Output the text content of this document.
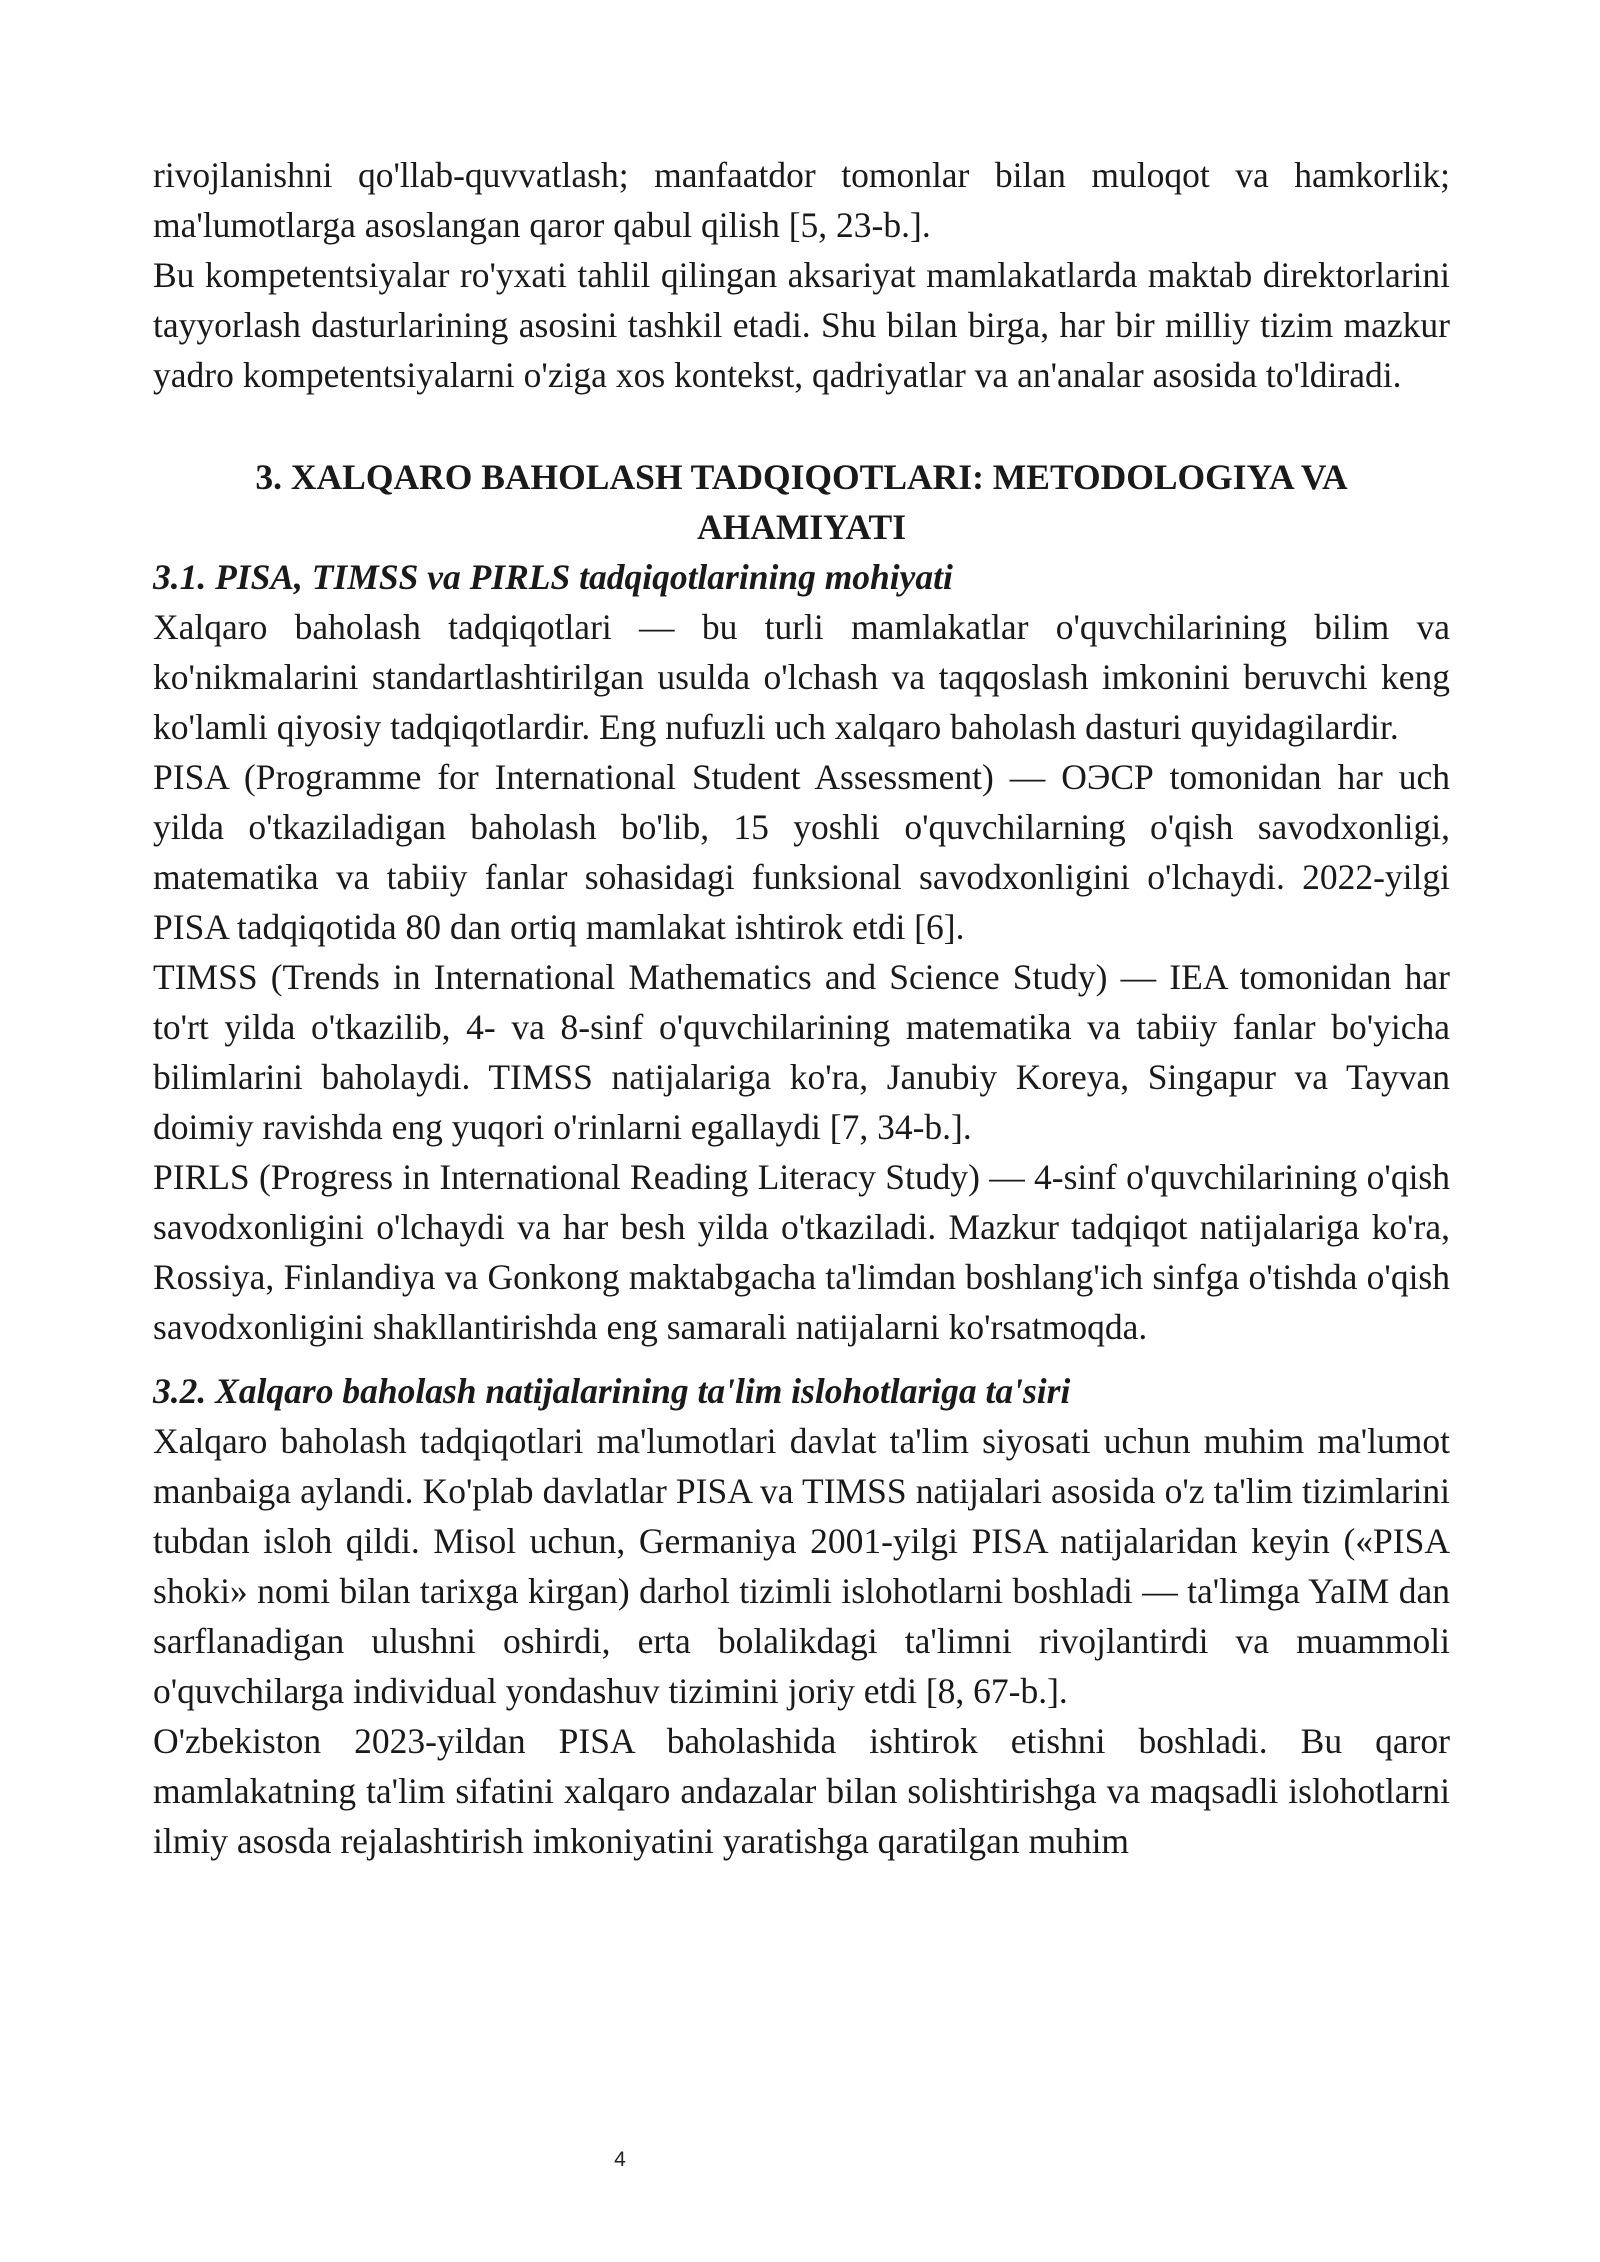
rivojlanishni qo'llab-quvvatlash; manfaatdor tomonlar bilan muloqot va hamkorlik; ma'lumotlarga asoslangan qaror qabul qilish [5, 23-b.].

Bu kompetentsiyalar ro'yxati tahlil qilingan aksariyat mamlakatlarda maktab direktorlarini tayyorlash dasturlarining asosini tashkil etadi. Shu bilan birga, har bir milliy tizim mazkur yadro kompetentsiyalarni o'ziga xos kontekst, qadriyatlar va an'analar asosida to'ldiradi.

3. XALQARO BAHOLASH TADQIQOTLARI: METODOLOGIYA VA AHAMIYATI
3.1. PISA, TIMSS va PIRLS tadqiqotlarining mohiyati

Xalqaro baholash tadqiqotlari — bu turli mamlakatlar o'quvchilarining bilim va ko'nikmalarini standartlashtirilgan usulda o'lchash va taqqoslash imkonini beruvchi keng ko'lamli qiyosiy tadqiqotlardir. Eng nufuzli uch xalqaro baholash dasturi quyidagilardir.

PISA (Programme for International Student Assessment) — ОЭСР tomonidan har uch yilda o'tkaziladigan baholash bo'lib, 15 yoshli o'quvchilarning o'qish savodxonligi, matematika va tabiiy fanlar sohasidagi funksional savodxonligini o'lchaydi. 2022-yilgi PISA tadqiqotida 80 dan ortiq mamlakat ishtirok etdi [6].

TIMSS (Trends in International Mathematics and Science Study) — IEA tomonidan har to'rt yilda o'tkazilib, 4- va 8-sinf o'quvchilarining matematika va tabiiy fanlar bo'yicha bilimlarini baholaydi. TIMSS natijalariga ko'ra, Janubiy Koreya, Singapur va Tayvan doimiy ravishda eng yuqori o'rinlarni egallaydi [7, 34-b.].

PIRLS (Progress in International Reading Literacy Study) — 4-sinf o'quvchilarining o'qish savodxonligini o'lchaydi va har besh yilda o'tkaziladi. Mazkur tadqiqot natijalariga ko'ra, Rossiya, Finlandiya va Gonkong maktabgacha ta'limdan boshlang'ich sinfga o'tishda o'qish savodxonligini shakllantirishda eng samarali natijalarni ko'rsatmoqda.

3.2. Xalqaro baholash natijalarining ta'lim islohotlariga ta'siri

Xalqaro baholash tadqiqotlari ma'lumotlari davlat ta'lim siyosati uchun muhim ma'lumot manbaiga aylandi. Ko'plab davlatlar PISA va TIMSS natijalari asosida o'z ta'lim tizimlarini tubdan isloh qildi. Misol uchun, Germaniya 2001-yilgi PISA natijalaridan keyin («PISA shoki» nomi bilan tarixga kirgan) darhol tizimli islohotlarni boshladi — ta'limga YaIM dan sarflanadigan ulushni oshirdi, erta bolalikdagi ta'limni rivojlantirdi va muammoli o'quvchilarga individual yondashuv tizimini joriy etdi [8, 67-b.].

O'zbekiston 2023-yildan PISA baholashida ishtirok etishni boshladi. Bu qaror mamlakatning ta'lim sifatini xalqaro andazalar bilan solishtirishga va maqsadli islohotlarni ilmiy asosda rejalashtirish imkoniyatini yaratishga qaratilgan muhim

4
